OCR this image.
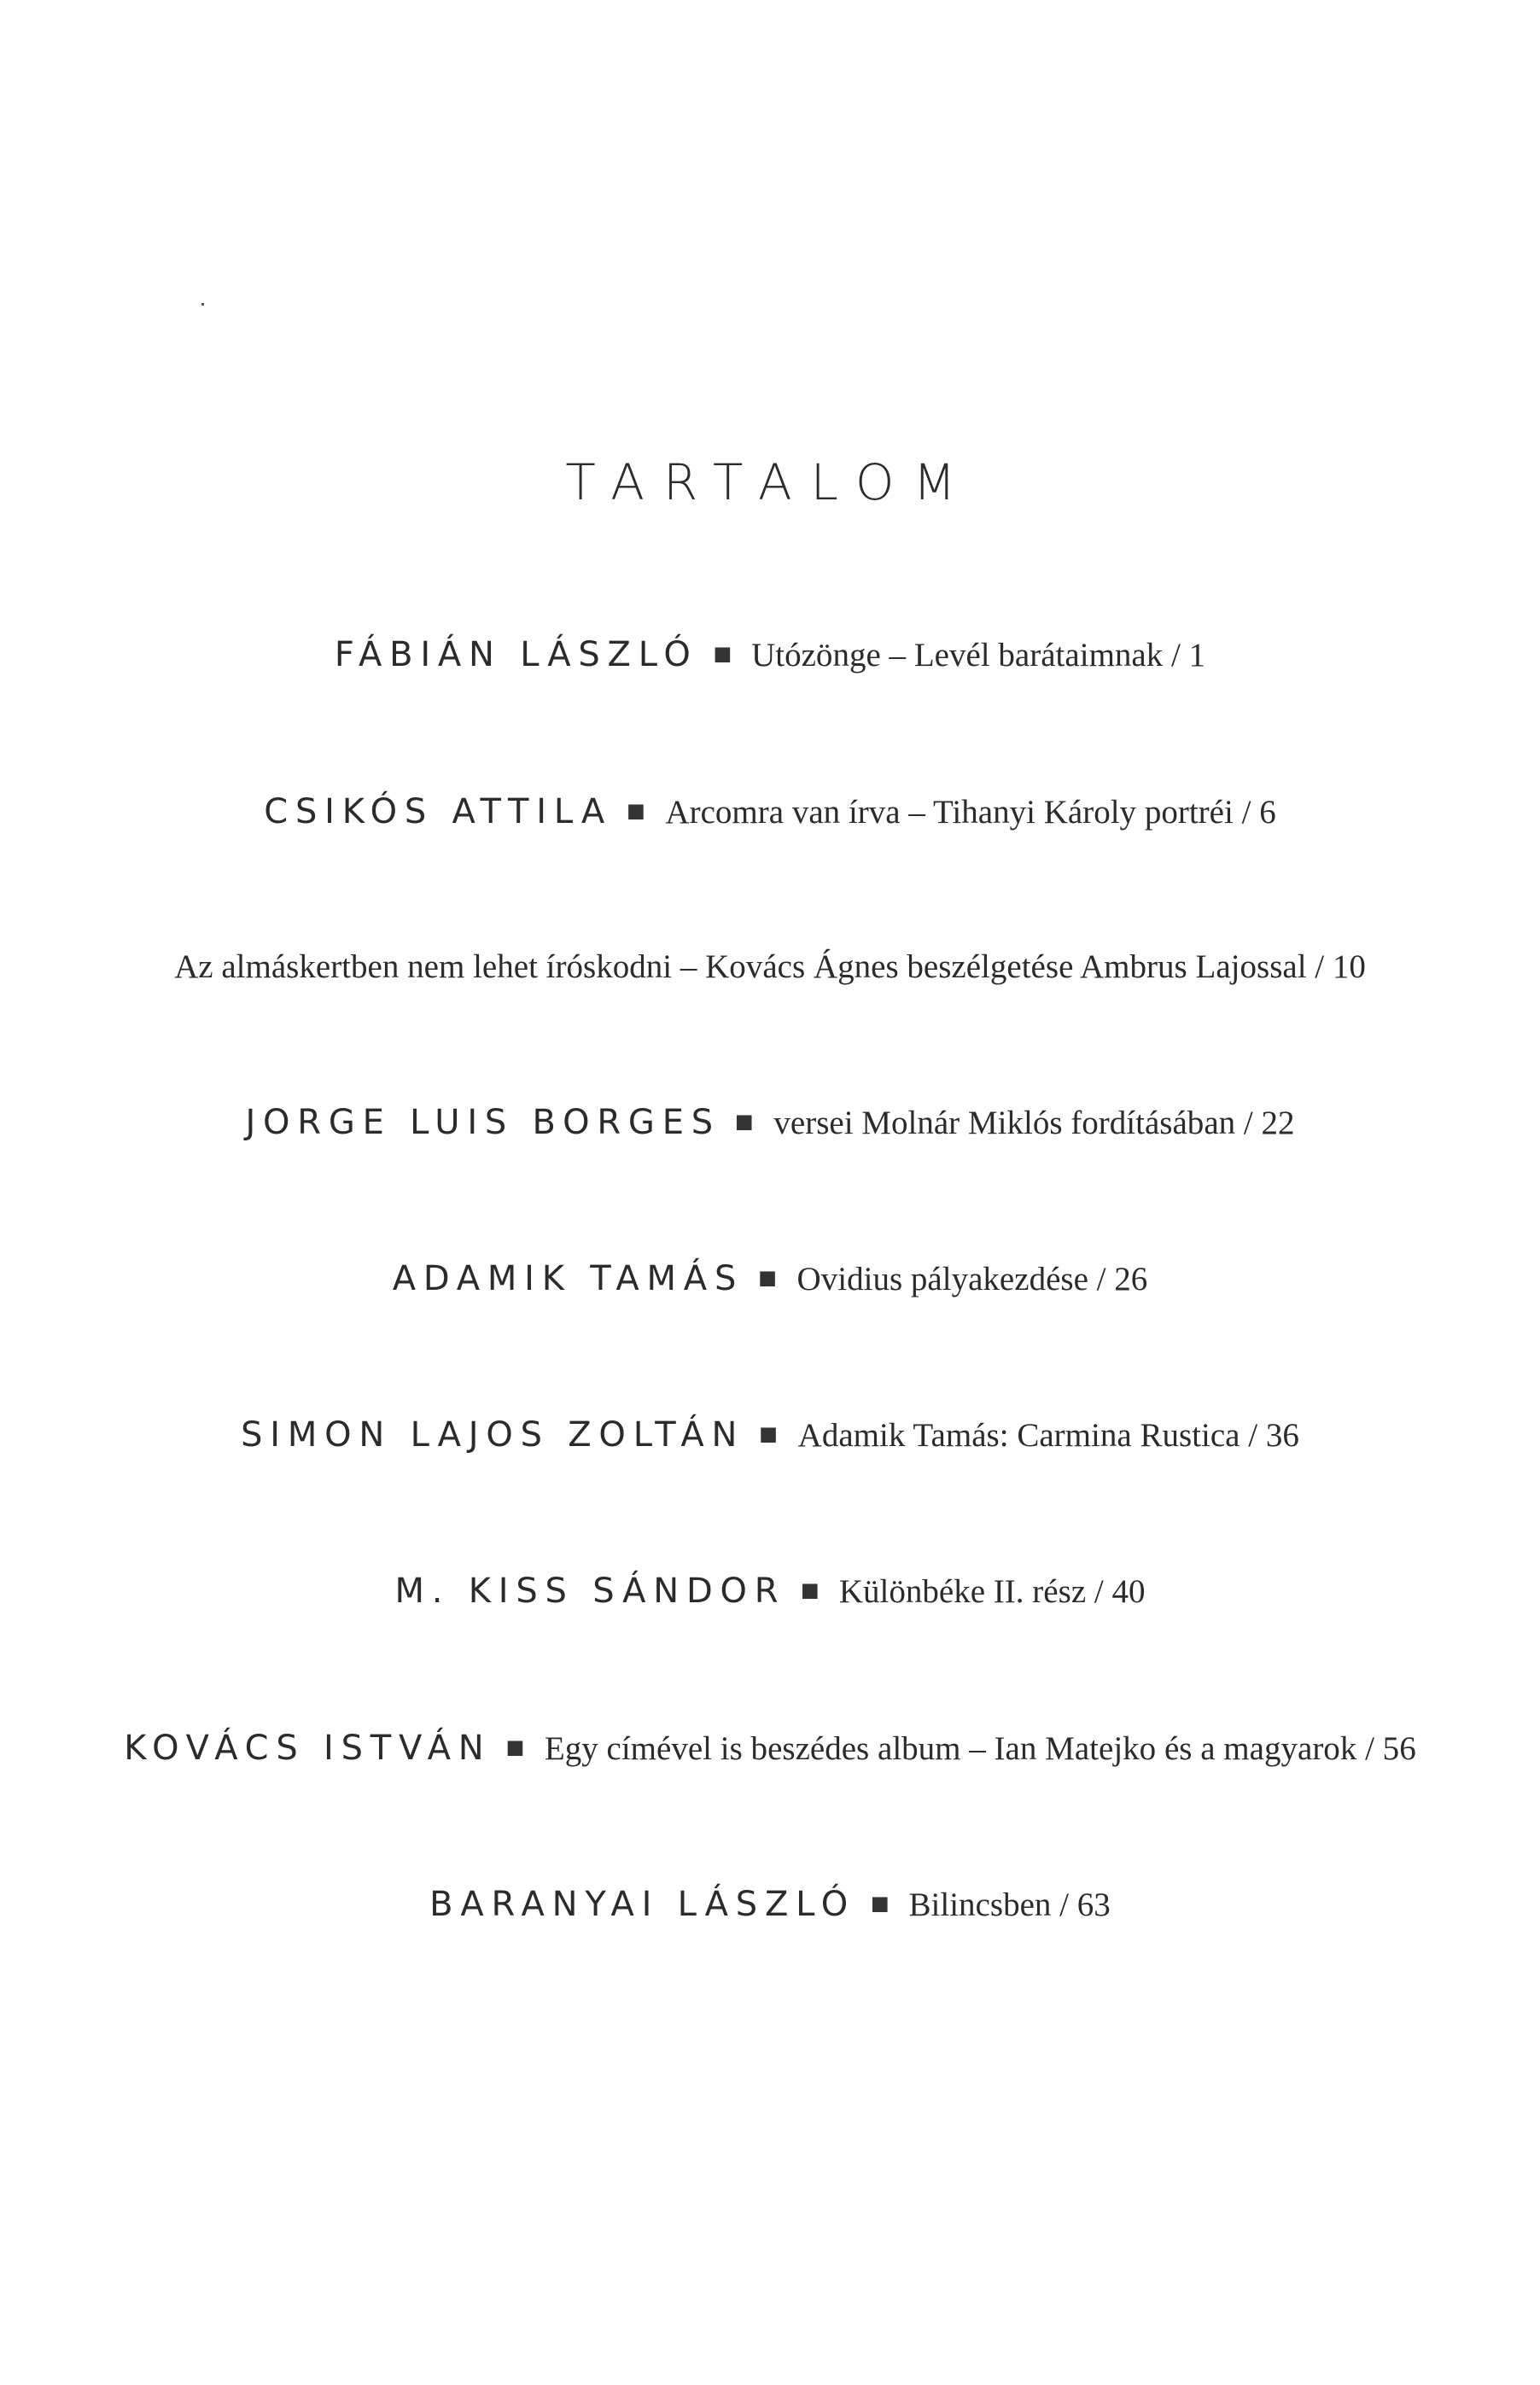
TARTALOM
FÁBIÁN LÁSZLÓ Utózönge – Levél barátaimnak / 1
CSIKÓS ATTILA Arcomra van írva – Tihanyi Károly portréi / 6
Az almáskertben nem lehet íróskodni – Kovács Ágnes beszélgetése Ambrus Lajossal / 10
JORGE LUIS BORGES versei Molnár Miklós fordításában / 22
ADAMIK TAMÁS Ovidius pályakezdése / 26
SIMON LAJOS ZOLTÁN Adamik Tamás: Carmina Rustica / 36
M. KISS SÁNDOR Különbéke II. rész / 40
KOVÁCS ISTVÁN Egy címével is beszédes album – Ian Matejko és a magyarok / 56
BARANYAI LÁSZLÓ Bilincsben / 63
